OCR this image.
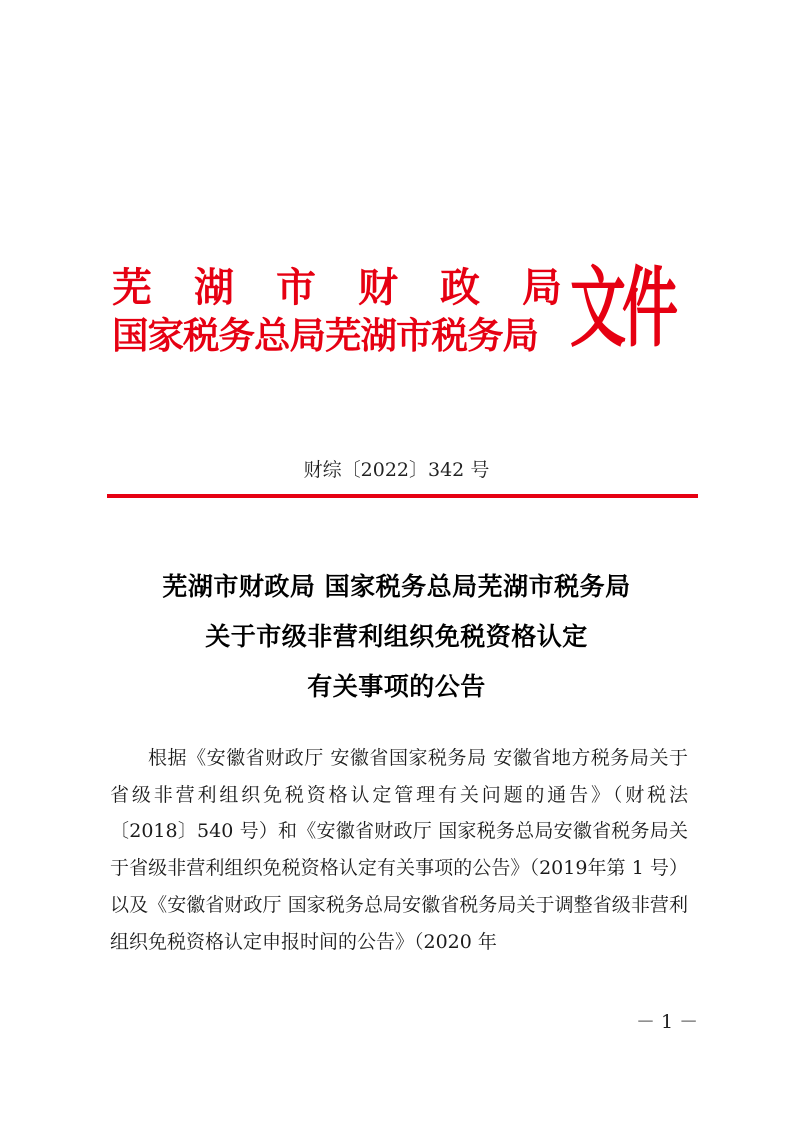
芜 湖 市 财 政 局
国家税务总局芜湖市税务局 文件
财综〔2022〕342 号
芜湖市财政局 国家税务总局芜湖市税务局
关于市级非营利组织免税资格认定
有关事项的公告
根据《安徽省财政厅 安徽省国家税务局 安徽省地方税务局关于省级非营利组织免税资格认定管理有关问题的通告》（财税法〔2018〕540 号）和《安徽省财政厅 国家税务总局安徽省税务局关于省级非营利组织免税资格认定有关事项的公告》（2019年第 1 号）以及《安徽省财政厅 国家税务总局安徽省税务局关于调整省级非营利组织免税资格认定申报时间的公告》（2020 年
－ 1 －
